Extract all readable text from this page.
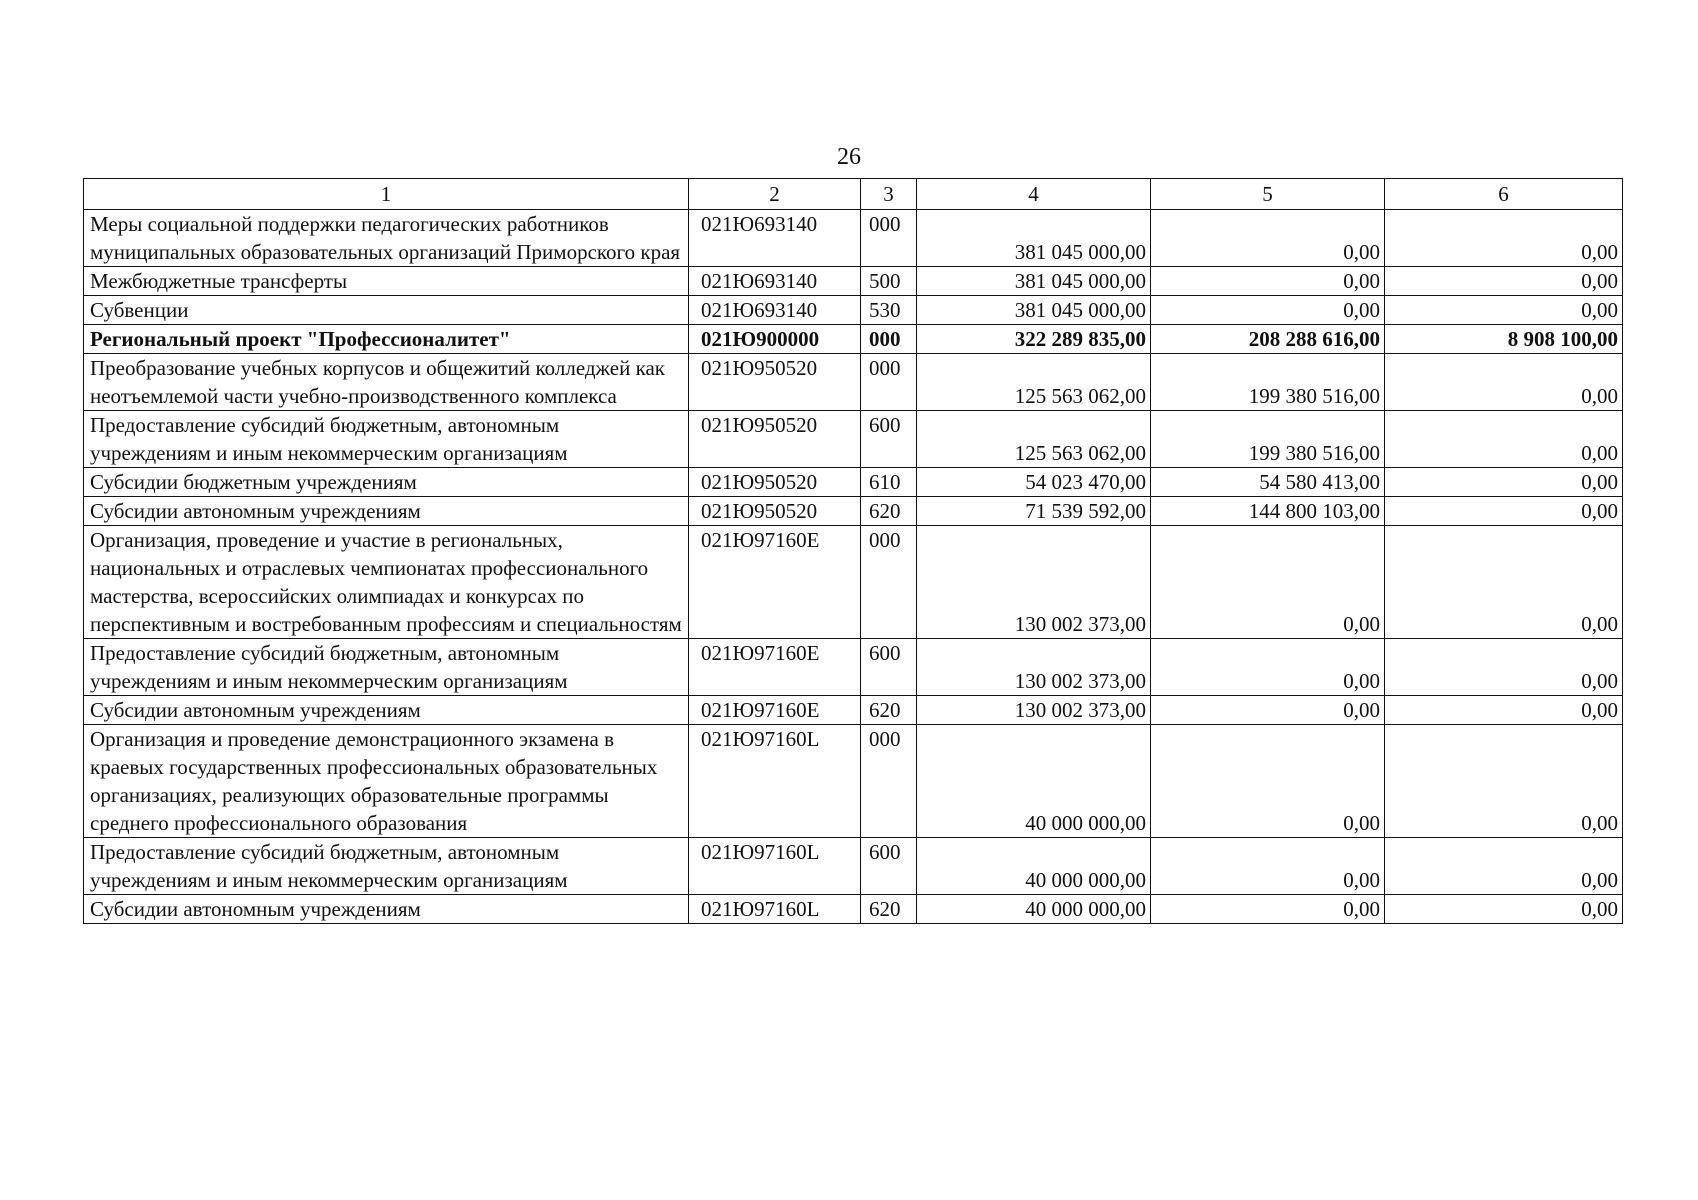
26
1	2	3	4	5	6
Меры социальной поддержки педагогических работников муниципальных образовательных организаций Приморского края	021Ю693140	000	381 045 000,00	0,00	0,00
Межбюджетные трансферты	021Ю693140	500	381 045 000,00	0,00	0,00
Субвенции	021Ю693140	530	381 045 000,00	0,00	0,00
Региональный проект "Профессионалитет"	021Ю900000	000	322 289 835,00	208 288 616,00	8 908 100,00
Преобразование учебных корпусов и общежитий колледжей как неотъемлемой части учебно-производственного комплекса	021Ю950520	000	125 563 062,00	199 380 516,00	0,00
Предоставление субсидий бюджетным, автономным учреждениям и иным некоммерческим организациям	021Ю950520	600	125 563 062,00	199 380 516,00	0,00
Субсидии бюджетным учреждениям	021Ю950520	610	54 023 470,00	54 580 413,00	0,00
Субсидии автономным учреждениям	021Ю950520	620	71 539 592,00	144 800 103,00	0,00
Организация, проведение и участие в региональных, национальных и отраслевых чемпионатах профессионального мастерства, всероссийских олимпиадах и конкурсах по перспективным и востребованным профессиям и специальностям	021Ю97160Е	000	130 002 373,00	0,00	0,00
Предоставление субсидий бюджетным, автономным учреждениям и иным некоммерческим организациям	021Ю97160Е	600	130 002 373,00	0,00	0,00
Субсидии автономным учреждениям	021Ю97160Е	620	130 002 373,00	0,00	0,00
Организация и проведение демонстрационного экзамена в краевых государственных профессиональных образовательных организациях, реализующих образовательные программы среднего профессионального образования	021Ю97160L	000	40 000 000,00	0,00	0,00
Предоставление субсидий бюджетным, автономным учреждениям и иным некоммерческим организациям	021Ю97160L	600	40 000 000,00	0,00	0,00
Субсидии автономным учреждениям	021Ю97160L	620	40 000 000,00	0,00	0,00
